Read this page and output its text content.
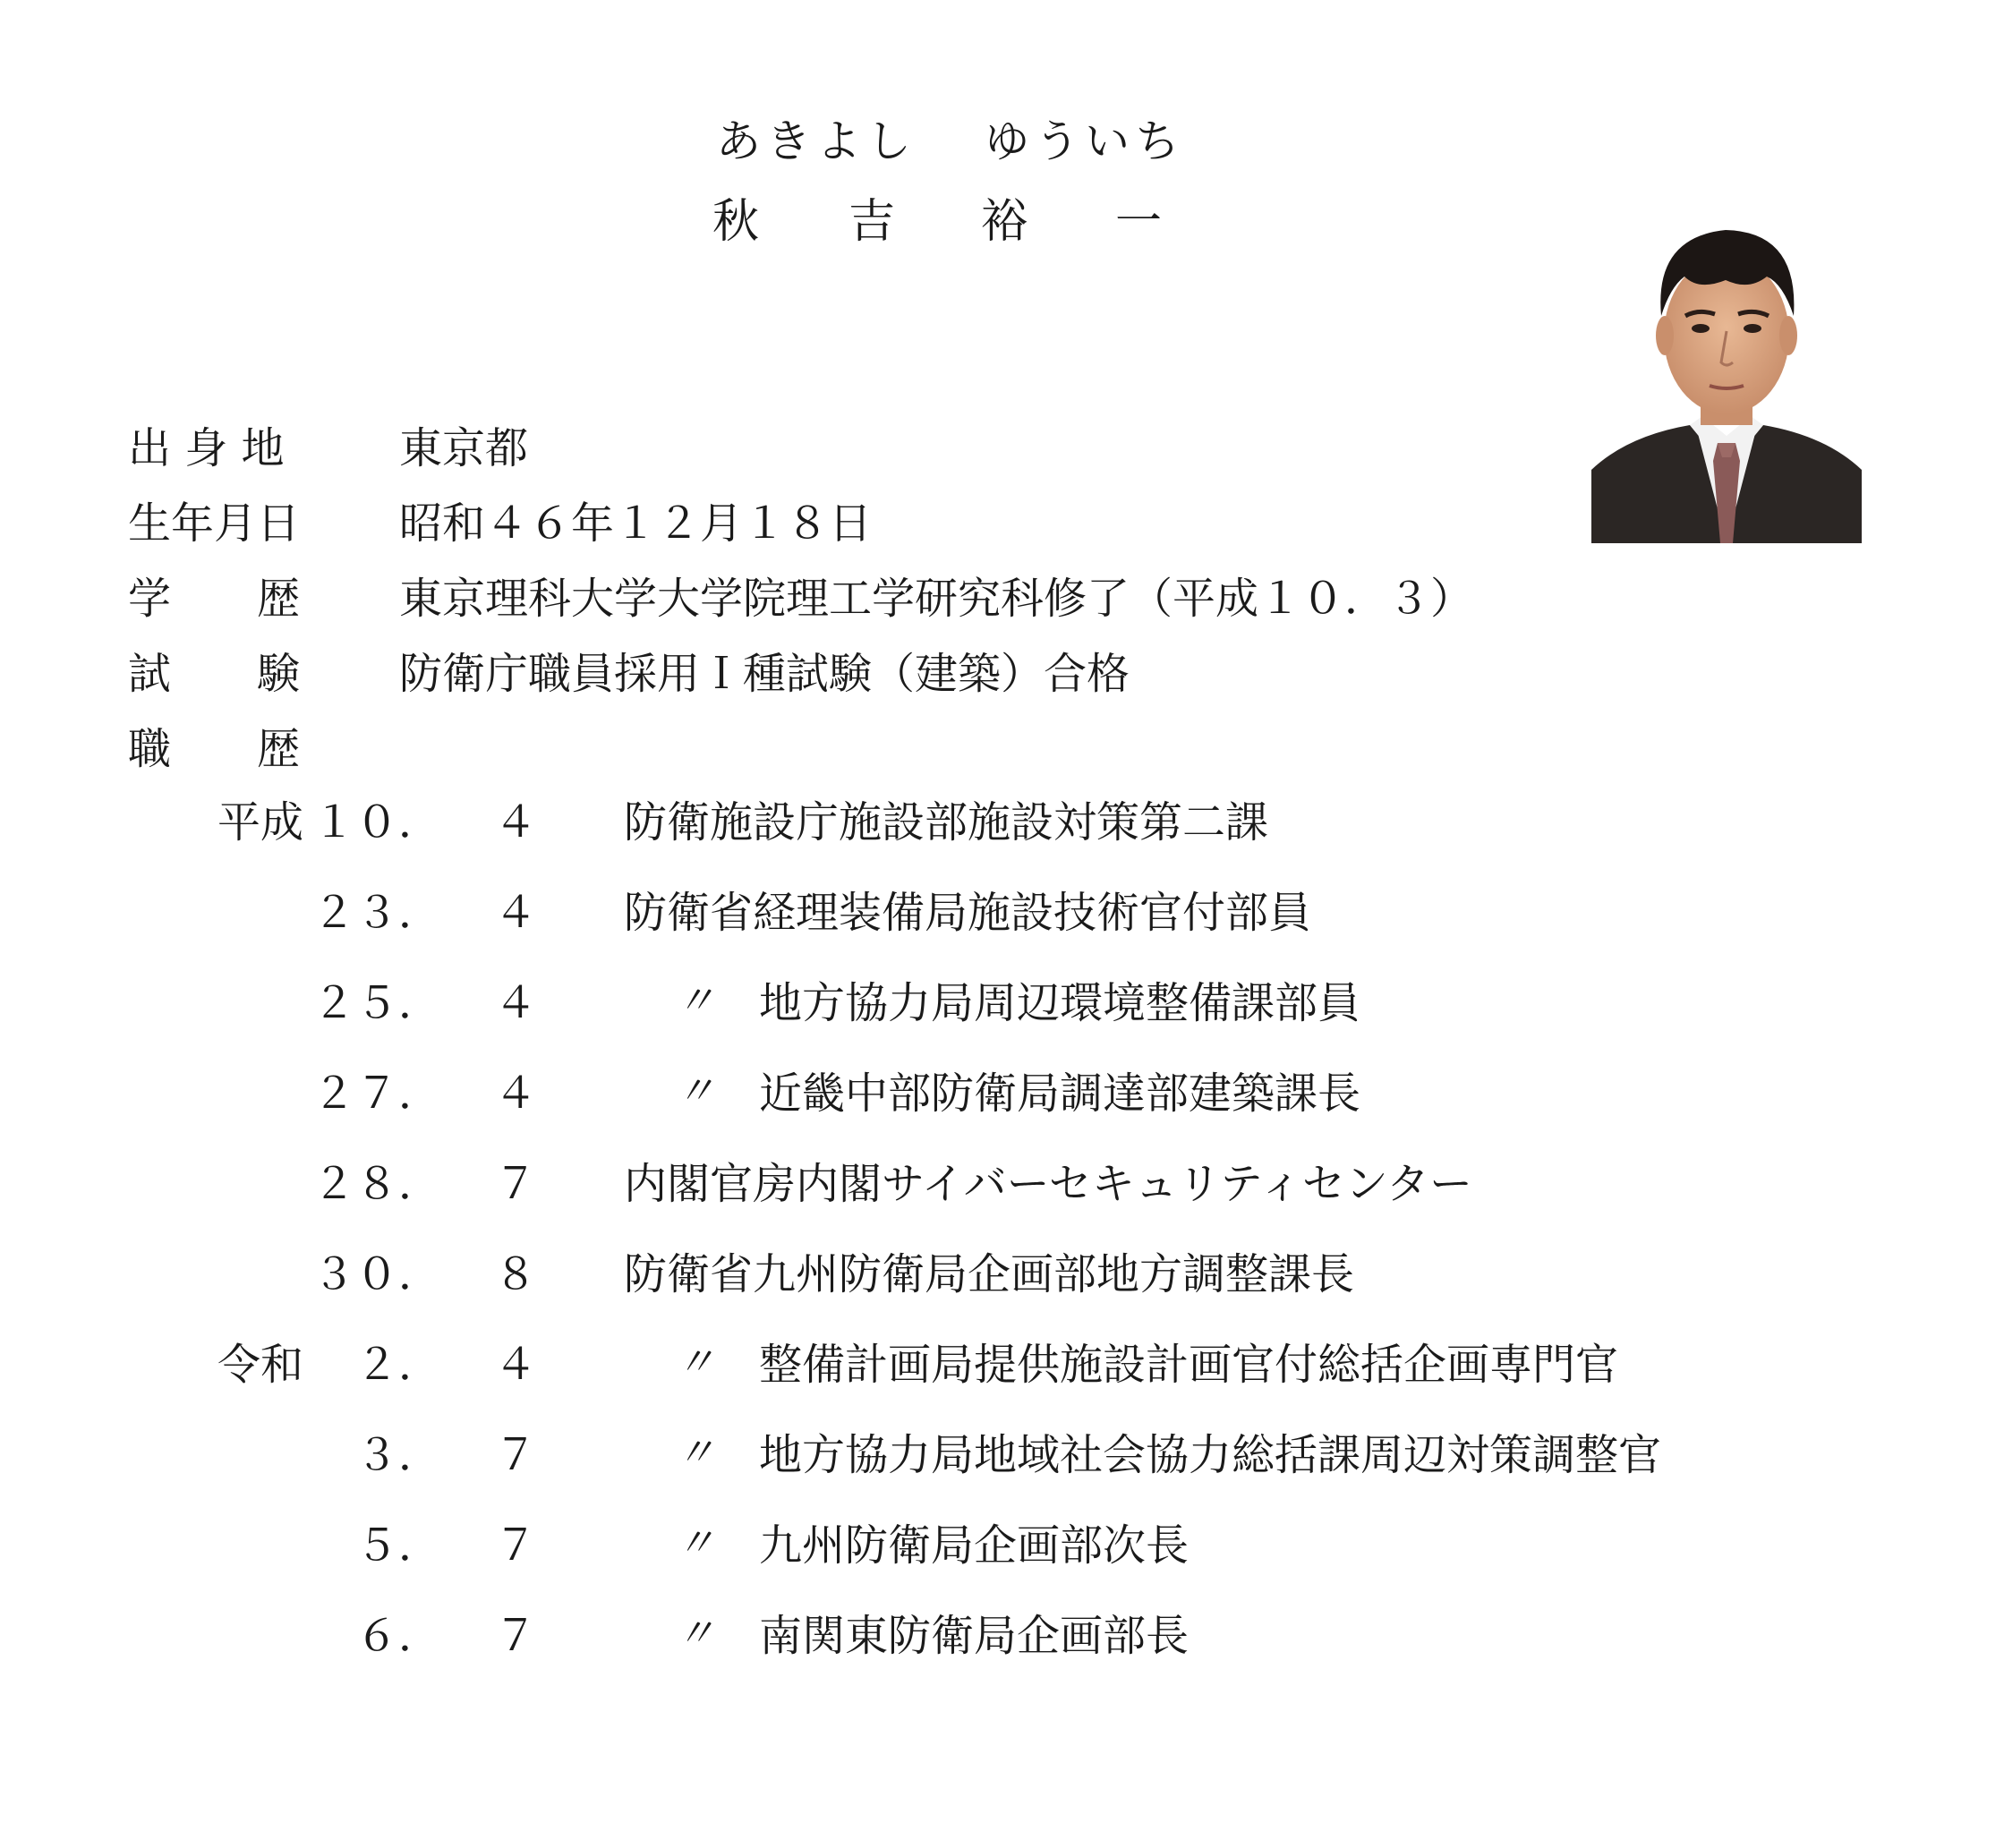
あきよし ゆういち
秋 吉 裕 一
出 身 地	東京都
生年月日 昭和４６年１２月１８日
学　　歴 東京理科大学大学院理工学研究科修了（平成１０．３）
試　　験 防衛庁職員採用Ｉ種試験（建築）合格
職　　歴
平成 １０ ． ４ 防衛施設庁施設部施設対策第二課
２３ ． ４ 防衛省経理装備局施設技術官付部員
２５ ． ４	〃 地方協力局周辺環境整備課部員
２７ ． ４	〃 近畿中部防衛局調達部建築課長
２８ ． ７ 内閣官房内閣サイバーセキュリティセンター
３０ ． ８ 防衛省九州防衛局企画部地方調整課長
令和	２ ． ４	〃 整備計画局提供施設計画官付総括企画専門官
３ ． ７	〃 地方協力局地域社会協力総括課周辺対策調整官
５ ． ７	〃 九州防衛局企画部次長
６ ． ７	〃 南関東防衛局企画部長
